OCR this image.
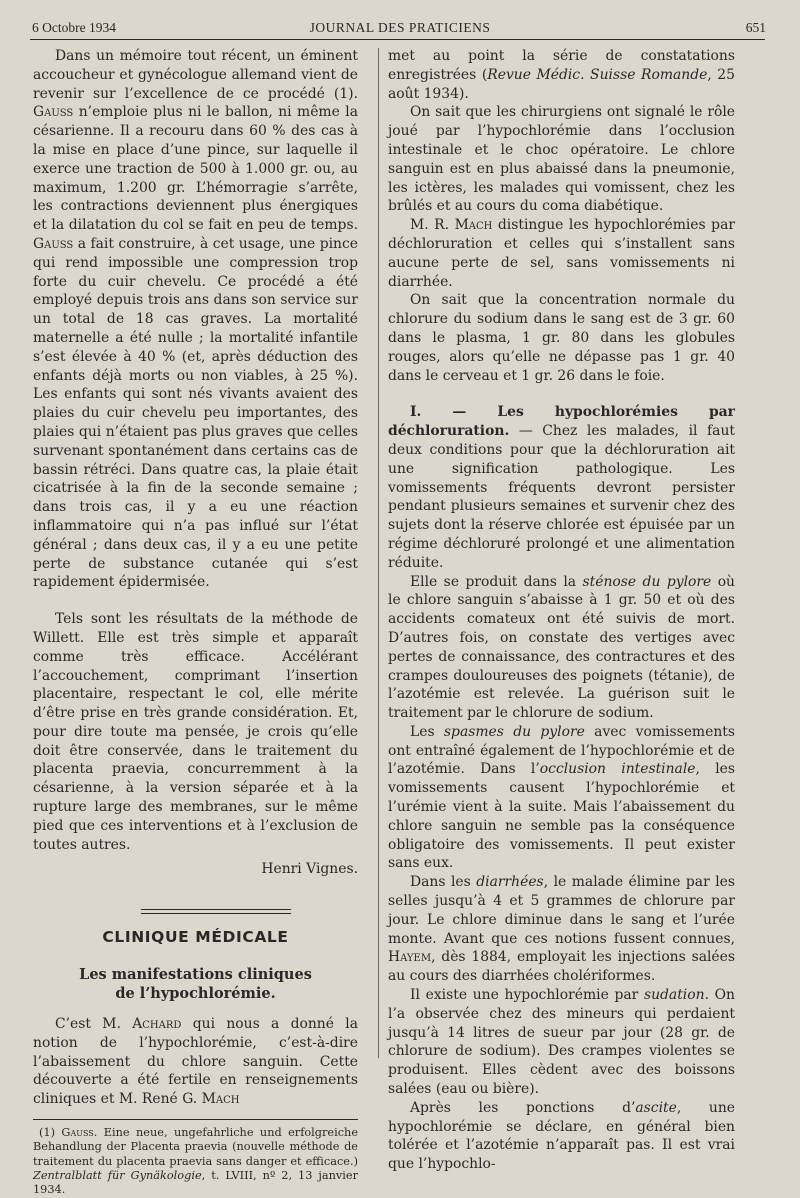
6 Octobre 1934	JOURNAL DES PRATICIENS	651

Dans un mémoire tout récent, un éminent accoucheur et gynécologue allemand vient de revenir sur l’excellence de ce procédé (1). Gauss n’emploie plus ni le ballon, ni même la césarienne. Il a recouru dans 60 % des cas à la mise en place d’une pince, sur laquelle il exerce une traction de 500 à 1.000 gr. ou, au maximum, 1.200 gr. L’hémorragie s’arrête, les contractions deviennent plus énergiques et la dilatation du col se fait en peu de temps. Gauss a fait construire, à cet usage, une pince qui rend impossible une compression trop forte du cuir chevelu. Ce procédé a été employé depuis trois ans dans son service sur un total de 18 cas graves. La mortalité maternelle a été nulle ; la mortalité infantile s’est élevée à 40 % (et, après déduction des enfants déjà morts ou non viables, à 25 %). Les enfants qui sont nés vivants avaient des plaies du cuir chevelu peu importantes, des plaies qui n’étaient pas plus graves que celles survenant spontanément dans certains cas de bassin rétréci. Dans quatre cas, la plaie était cicatrisée à la fin de la seconde semaine ; dans trois cas, il y a eu une réaction inflammatoire qui n’a pas influé sur l’état général ; dans deux cas, il y a eu une petite perte de substance cutanée qui s’est rapidement épidermisée.

Tels sont les résultats de la méthode de Willett. Elle est très simple et apparaît comme très efficace. Accélérant l’accouchement, comprimant l’insertion placentaire, respectant le col, elle mérite d’être prise en très grande considération. Et, pour dire toute ma pensée, je crois qu’elle doit être conservée, dans le traitement du placenta praevia, concurremment à la césarienne, à la version séparée et à la rupture large des membranes, sur le même pied que ces interventions et à l’exclusion de toutes autres.

Henri Vignes.
CLINIQUE MÉDICALE
Les manifestations cliniques
de l’hypochlorémie.

C’est M. Achard qui nous a donné la notion de l’hypochlorémie, c’est-à-dire l’abaissement du chlore sanguin. Cette découverte a été fertile en renseignements cliniques et M. René G. Mach

(1) Gauss. Eine neue, ungefahrliche und erfolgreiche Behandlung der Placenta praevia (nouvelle méthode de traitement du placenta praevia sans danger et efficace.) Zentralblatt für Gynäkologie, t. LVIII, nº 2, 13 janvier 1934.

met au point la série de constatations enregistrées (Revue Médic. Suisse Romande, 25 août 1934).

On sait que les chirurgiens ont signalé le rôle joué par l’hypochlorémie dans l’occlusion intestinale et le choc opératoire. Le chlore sanguin est en plus abaissé dans la pneumonie, les ictères, les malades qui vomissent, chez les brûlés et au cours du coma diabétique.

M. R. Mach distingue les hypochlorémies par déchloruration et celles qui s’installent sans aucune perte de sel, sans vomissements ni diarrhée.

On sait que la concentration normale du chlorure du sodium dans le sang est de 3 gr. 60 dans le plasma, 1 gr. 80 dans les globules rouges, alors qu’elle ne dépasse pas 1 gr. 40 dans le cerveau et 1 gr. 26 dans le foie.

I. — Les hypochlorémies par déchloruration. — Chez les malades, il faut deux conditions pour que la déchloruration ait une signification pathologique. Les vomissements fréquents devront persister pendant plusieurs semaines et survenir chez des sujets dont la réserve chlorée est épuisée par un régime déchloruré prolongé et une alimentation réduite.

Elle se produit dans la sténose du pylore où le chlore sanguin s’abaisse à 1 gr. 50 et où des accidents comateux ont été suivis de mort. D’autres fois, on constate des vertiges avec pertes de connaissance, des contractures et des crampes douloureuses des poignets (tétanie), de l’azotémie est relevée. La guérison suit le traitement par le chlorure de sodium.

Les spasmes du pylore avec vomissements ont entraîné également de l’hypochlorémie et de l’azotémie. Dans l’occlusion intestinale, les vomissements causent l’hypochlorémie et l’urémie vient à la suite. Mais l’abaissement du chlore sanguin ne semble pas la conséquence obligatoire des vomissements. Il peut exister sans eux.

Dans les diarrhées, le malade élimine par les selles jusqu’à 4 et 5 grammes de chlorure par jour. Le chlore diminue dans le sang et l’urée monte. Avant que ces notions fussent connues, Hayem, dès 1884, employait les injections salées au cours des diarrhées cholériformes.

Il existe une hypochlorémie par sudation. On l’a observée chez des mineurs qui perdaient jusqu’à 14 litres de sueur par jour (28 gr. de chlorure de sodium). Des crampes violentes se produisent. Elles cèdent avec des boissons salées (eau ou bière).

Après les ponctions d’ascite, une hypochlorémie se déclare, en général bien tolérée et l’azotémie n’apparaît pas. Il est vrai que l’hypochlo-
